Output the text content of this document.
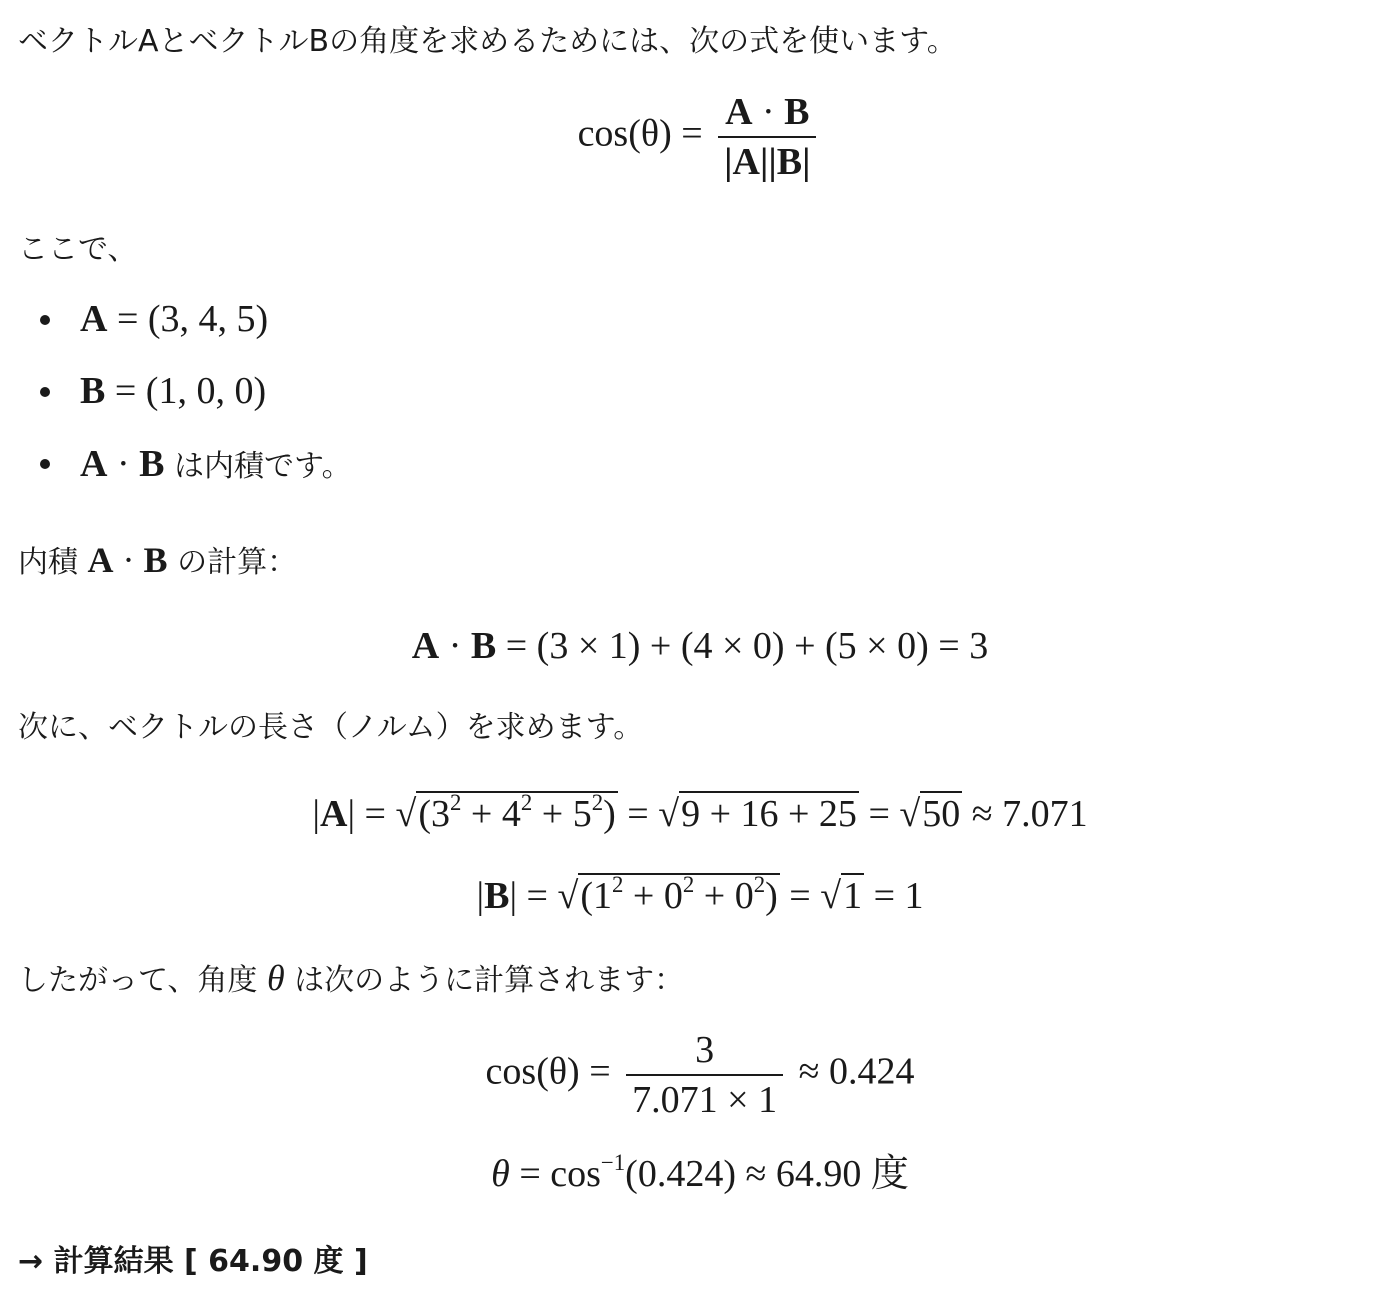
ベクトルAとベクトルBの角度を求めるためには、次の式を使います。
$\cos(\theta) = \frac{A \cdot B}{|A||B|}$
ここで、
A = (3, 4, 5)
B = (1, 0, 0)
A · B は内積です。
内積 A · B の計算：
A · B = (3 × 1) + (4 × 0) + (5 × 0) = 3
次に、ベクトルの長さ（ノルム）を求めます。
$|A| = √(3^2 + 4^2 + 5^2) = √9 + 16 + 25 = √50 \approx 7.071$
$|B| = √(1^2 + 0^2 + 0^2) = √1 = 1$
したがって、角度 θ は次のように計算されます：
$\cos(\theta) = \frac{3}{7.071 \times 1} \approx 0.424$
$\theta = \cos^{-1}(0.424) \approx 64.90$ 度
→ 計算結果 [ 64.90 度 ]
